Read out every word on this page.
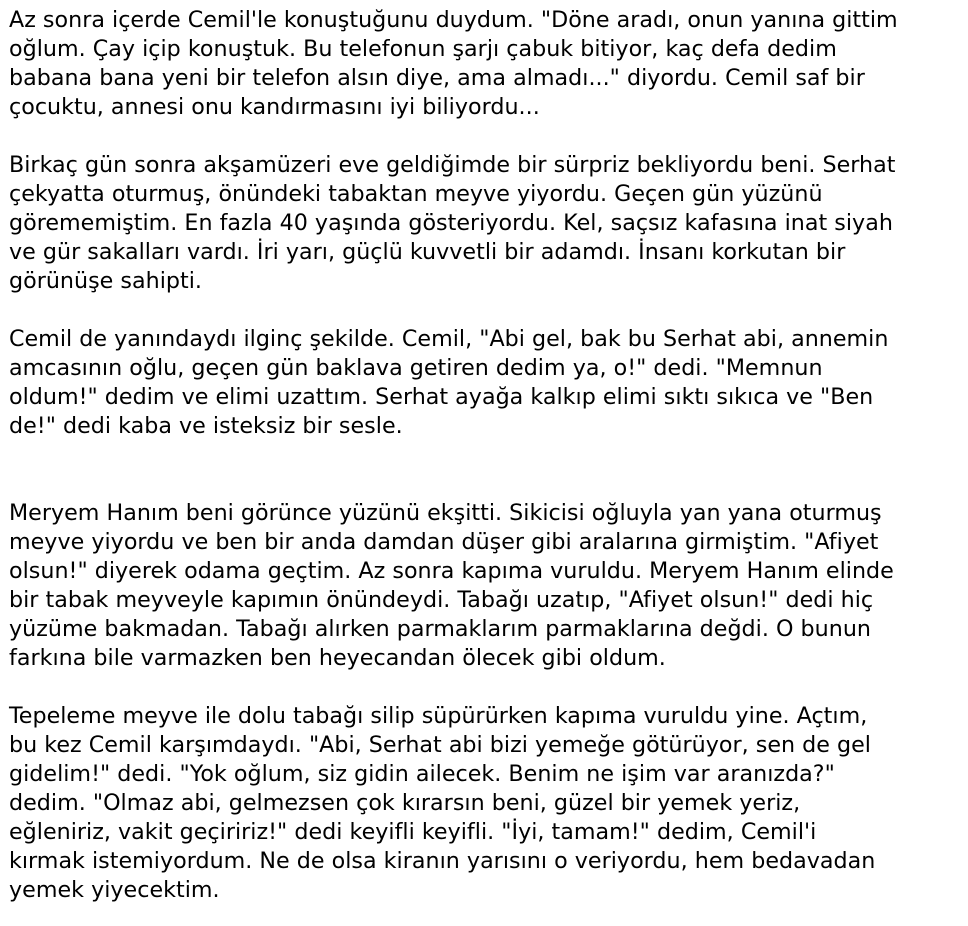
Az sonra içerde Cemil'le konuştuğunu duydum. "Döne aradı, onun yanına gittim
oğlum. Çay içip konuştuk. Bu telefonun şarjı çabuk bitiyor, kaç defa dedim
babana bana yeni bir telefon alsın diye, ama almadı..." diyordu. Cemil saf bir
çocuktu, annesi onu kandırmasını iyi biliyordu...

Birkaç gün sonra akşamüzeri eve geldiğimde bir sürpriz bekliyordu beni. Serhat
çekyatta oturmuş, önündeki tabaktan meyve yiyordu. Geçen gün yüzünü
görememiştim. En fazla 40 yaşında gösteriyordu. Kel, saçsız kafasına inat siyah
ve gür sakalları vardı. İri yarı, güçlü kuvvetli bir adamdı. İnsanı korkutan bir
görünüşe sahipti.

Cemil de yanındaydı ilginç şekilde. Cemil, "Abi gel, bak bu Serhat abi, annemin
amcasının oğlu, geçen gün baklava getiren dedim ya, o!" dedi. "Memnun
oldum!" dedim ve elimi uzattım. Serhat ayağa kalkıp elimi sıktı sıkıca ve "Ben
de!" dedi kaba ve isteksiz bir sesle.

Meryem Hanım beni görünce yüzünü ekşitti. Sikicisi oğluyla yan yana oturmuş
meyve yiyordu ve ben bir anda damdan düşer gibi aralarına girmiştim. "Afiyet
olsun!" diyerek odama geçtim. Az sonra kapıma vuruldu. Meryem Hanım elinde
bir tabak meyveyle kapımın önündeydi. Tabağı uzatıp, "Afiyet olsun!" dedi hiç
yüzüme bakmadan. Tabağı alırken parmaklarım parmaklarına değdi. O bunun
farkına bile varmazken ben heyecandan ölecek gibi oldum.

Tepeleme meyve ile dolu tabağı silip süpürürken kapıma vuruldu yine. Açtım,
bu kez Cemil karşımdaydı. "Abi, Serhat abi bizi yemeğe götürüyor, sen de gel
gidelim!" dedi. "Yok oğlum, siz gidin ailecek. Benim ne işim var aranızda?"
dedim. "Olmaz abi, gelmezsen çok kırarsın beni, güzel bir yemek yeriz,
eğleniriz, vakit geçiririz!" dedi keyifli keyifli. "İyi, tamam!" dedim, Cemil'i
kırmak istemiyordum. Ne de olsa kiranın yarısını o veriyordu, hem bedavadan
yemek yiyecektim.
